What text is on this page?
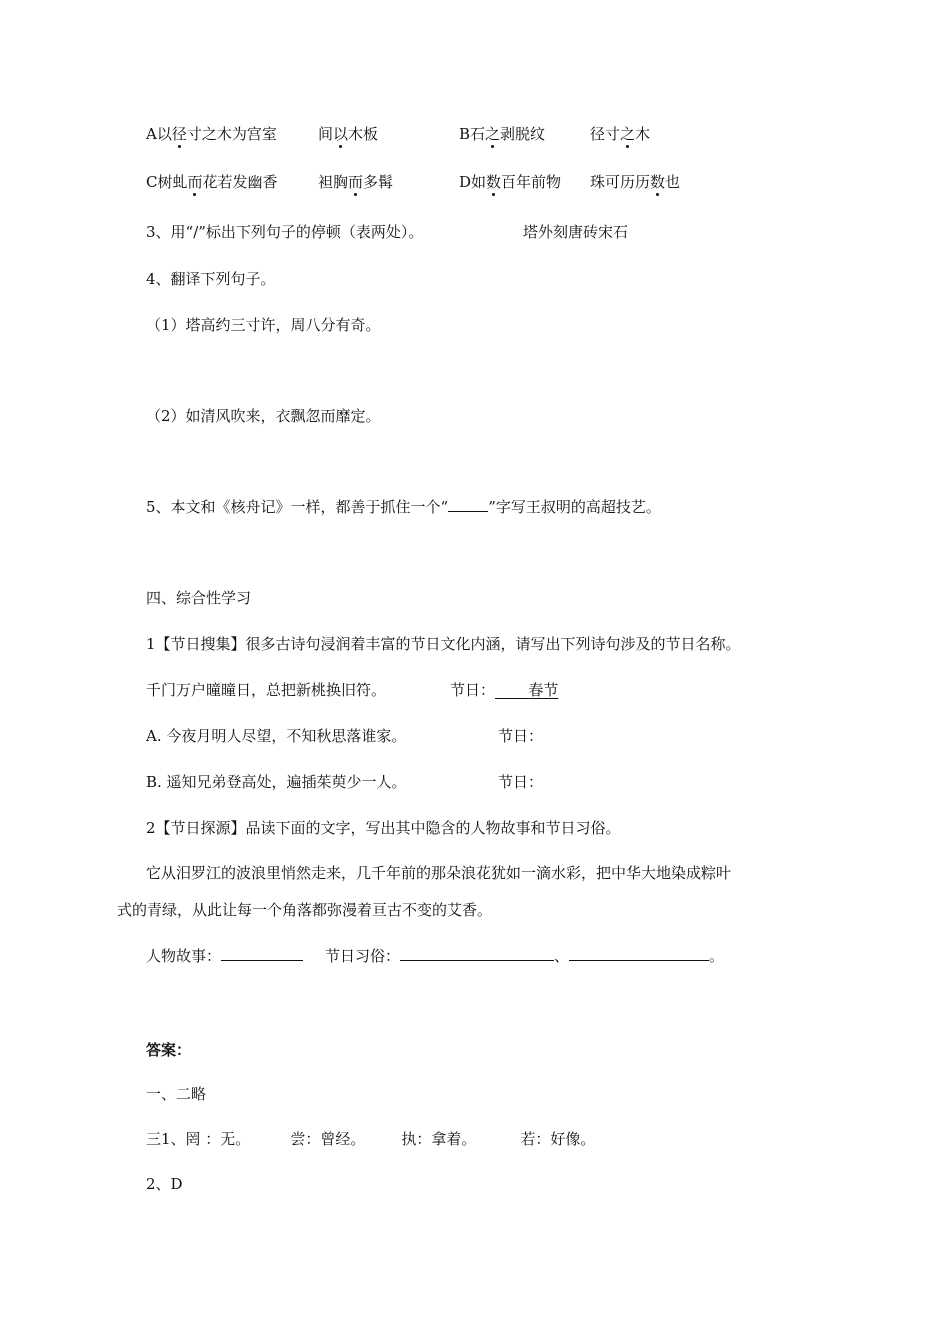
A以径寸之木为宫室	间以木板	B石之剥脱纹	径寸之木
C树虬而花若发幽香	袒胸而多髯	D如数百年前物 珠可历历数也
3、用“/”标出下列句子的停顿（表两处）。	塔外刻唐砖宋石
4、翻译下列句子。
（1）塔高约三寸许，周八分有奇。
（2）如清风吹来，衣飘忽而靡定。
5、本文和《核舟记》一样，都善于抓住一个“	”字写王叔明的高超技艺。
四、综合性学习
1【节日搜集】很多古诗句浸润着丰富的节日文化内涵，请写出下列诗句涉及的节日名称。
千门万户曈曈日，总把新桃换旧符。	节日： 春节
A. 今夜月明人尽望，不知秋思落谁家。	节日：
B. 遥知兄弟登高处，遍插茱萸少一人。	节日：
2【节日探源】品读下面的文字，写出其中隐含的人物故事和节日习俗。
它从汨罗江的波浪里悄然走来，几千年前的那朵浪花犹如一滴水彩，把中华大地染成粽叶
式的青绿，从此让每一个角落都弥漫着亘古不变的艾香。
人物故事：	节日习俗：	、	。
答案：
一、二略
三1、罔 ：无。	尝：曾经。 执：拿着。	若：好像。
2、D
